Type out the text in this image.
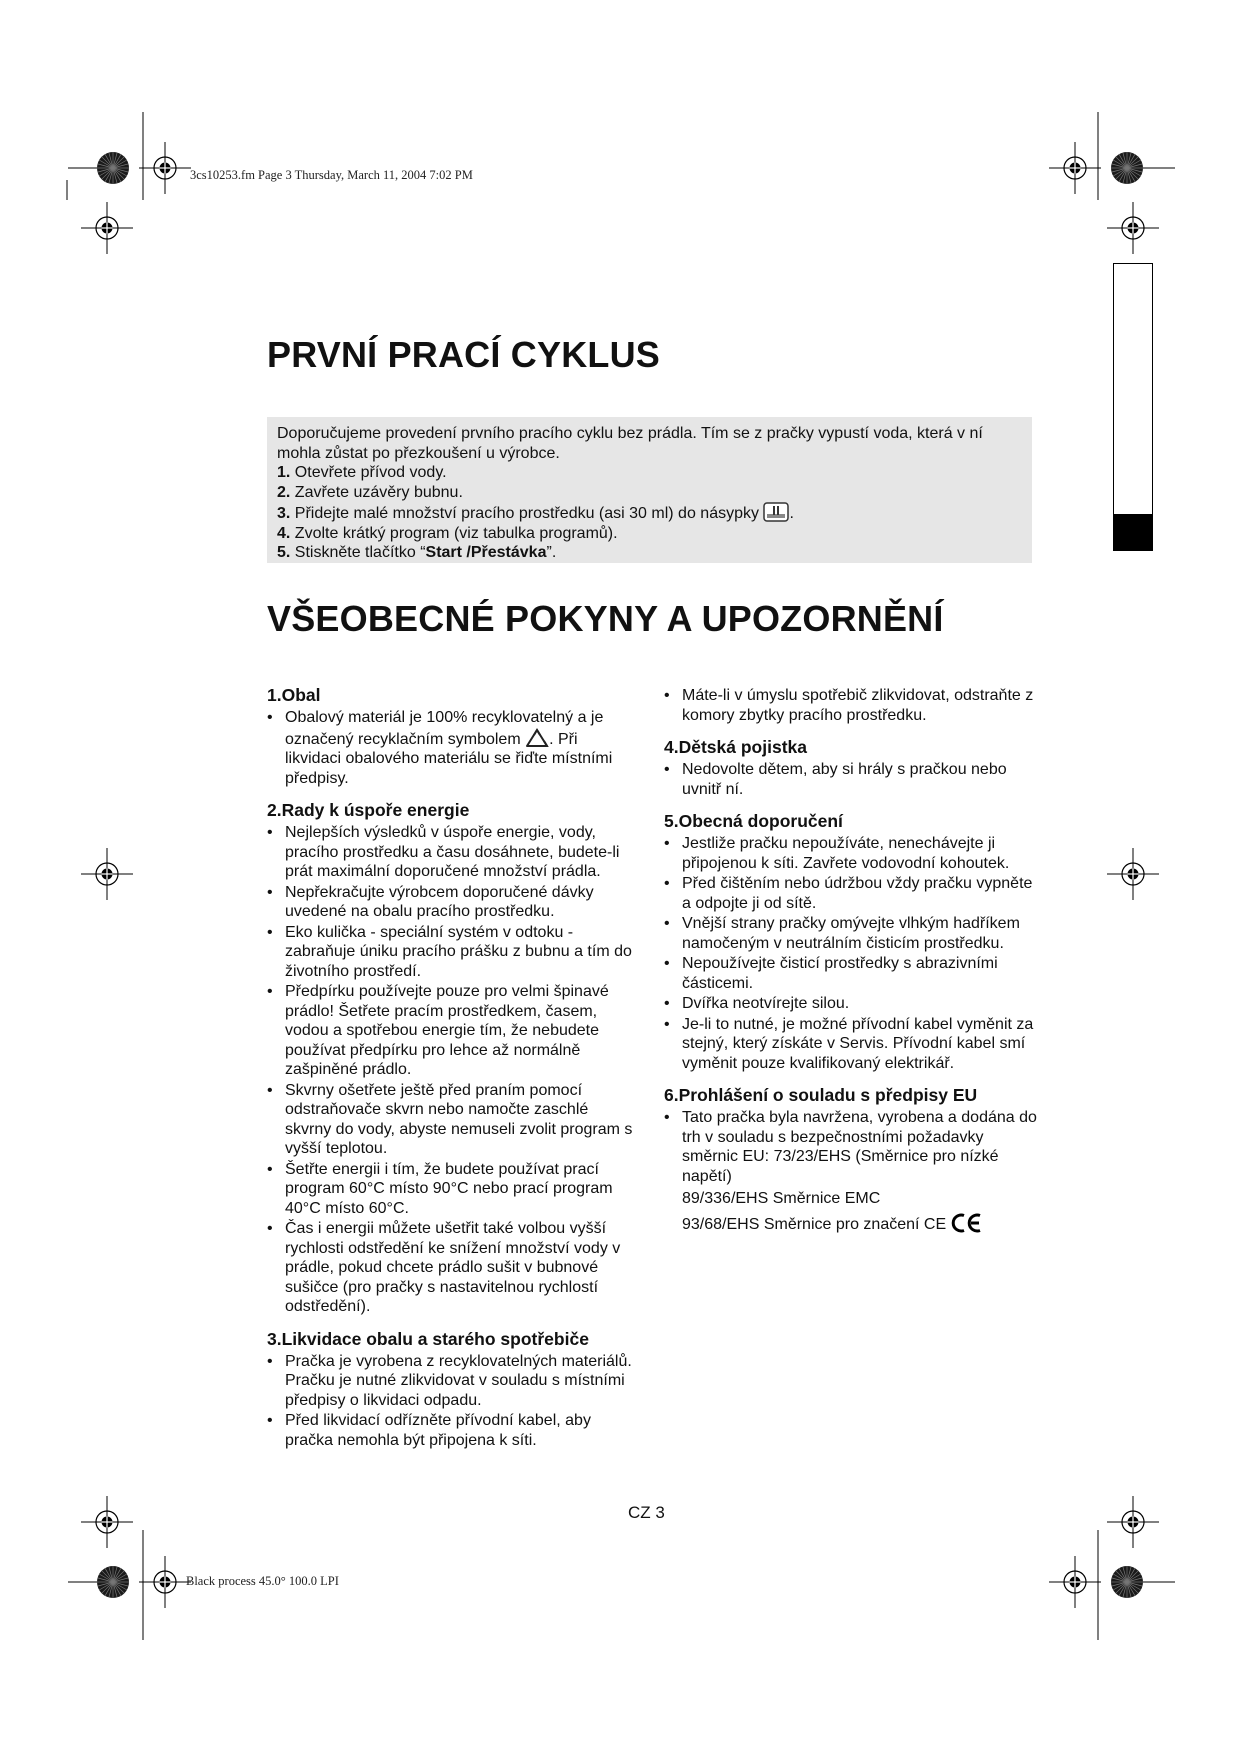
3cs10253.fm Page 3 Thursday, March 11, 2004 7:02 PM
Black process 45.0° 100.0 LPI
PRVNÍ PRACÍ CYKLUS

Doporučujeme provedení prvního pracího cyklu bez prádla. Tím se z pračky vypustí voda, která v ní mohla zůstat po přezkoušení u výrobce.

1. Otevřete přívod vody.
2. Zavřete uzávěry bubnu.
3. Přidejte malé množství pracího prostředku (asi 30 ml) do násypky .
4. Zvolte krátký program (viz tabulka programů).
5. Stiskněte tlačítko “Start /Přestávka”.
VŠEOBECNÉ POKYNY A UPOZORNĚNÍ
1.Obal
• Obalový materiál je 100% recyklovatelný a je označený recyklačním symbolem . Při likvidaci obalového materiálu se řiďte místními předpisy.
2.Rady k úspoře energie
• Nejlepších výsledků v úspoře energie, vody, pracího prostředku a času dosáhnete, budete-li prát maximální doporučené množství prádla.
• Nepřekračujte výrobcem doporučené dávky uvedené na obalu pracího prostředku.
• Eko kulička - speciální systém v odtoku - zabraňuje úniku pracího prášku z bubnu a tím do životního prostředí.
• Předpírku používejte pouze pro velmi špinavé prádlo! Šetřete pracím prostředkem, časem, vodou a spotřebou energie tím, že nebudete používat předpírku pro lehce až normálně zašpiněné prádlo.
• Skvrny ošetřete ještě před praním pomocí odstraňovače skvrn nebo namočte zaschlé skvrny do vody, abyste nemuseli zvolit program s vyšší teplotou.
• Šetřte energii i tím, že budete používat prací program 60°C místo 90°C nebo prací program 40°C místo 60°C.
• Čas i energii můžete ušetřit také volbou vyšší rychlosti odstředění ke snížení množství vody v prádle, pokud chcete prádlo sušit v bubnové sušičce (pro pračky s nastavitelnou rychlostí odstředění).
3.Likvidace obalu a starého spotřebiče
• Pračka je vyrobena z recyklovatelných materiálů. Pračku je nutné zlikvidovat v souladu s místními předpisy o likvidaci odpadu.
• Před likvidací odřízněte přívodní kabel, aby pračka nemohla být připojena k síti.
• Máte-li v úmyslu spotřebič zlikvidovat, odstraňte z komory zbytky pracího prostředku.
4.Dětská pojistka
• Nedovolte dětem, aby si hrály s pračkou nebo uvnitř ní.
5.Obecná doporučení
• Jestliže pračku nepoužíváte, nenechávejte ji připojenou k síti. Zavřete vodovodní kohoutek.
• Před čištěním nebo údržbou vždy pračku vypněte a odpojte ji od sítě.
• Vnější strany pračky omývejte vlhkým hadříkem namočeným v neutrálním čisticím prostředku.
• Nepoužívejte čisticí prostředky s abrazivními částicemi.
• Dvířka neotvírejte silou.
• Je-li to nutné, je možné přívodní kabel vyměnit za stejný, který získáte v Servis. Přívodní kabel smí vyměnit pouze kvalifikovaný elektrikář.
6.Prohlášení o souladu s předpisy EU
• Tato pračka byla navržena, vyrobena a dodána do trh v souladu s bezpečnostními požadavky směrnic EU: 73/23/EHS (Směrnice pro nízké napětí)
89/336/EHS Směrnice EMC
93/68/EHS Směrnice pro značení CE
CZ 3
